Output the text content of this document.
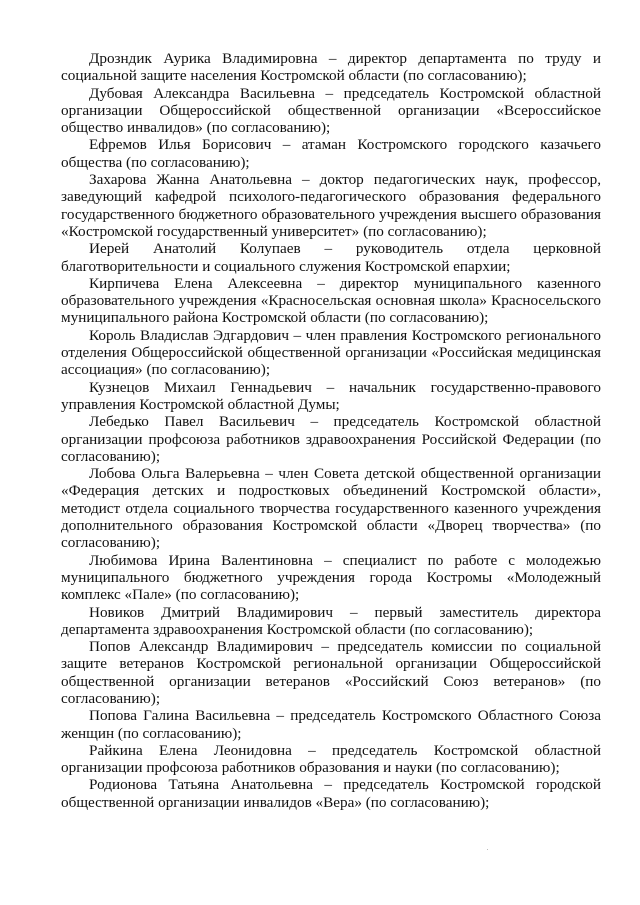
Дрозндик Аурика Владимировна – директор департамента по труду и социальной защите населения Костромской области (по согласованию);

Дубовая Александра Васильевна – председатель Костромской областной организации Общероссийской общественной организации «Всероссийское общество инвалидов» (по согласованию);

Ефремов Илья Борисович – атаман Костромского городского казачьего общества (по согласованию);

Захарова Жанна Анатольевна – доктор педагогических наук, профессор, заведующий кафедрой психолого-педагогического образования федерального государственного бюджетного образовательного учреждения высшего образования «Костромской государственный университет» (по согласованию);

Иерей Анатолий Колупаев – руководитель отдела церковной благотворительности и социального служения Костромской епархии;

Кирпичева Елена Алексеевна – директор муниципального казенного образовательного учреждения «Красносельская основная школа» Красносельского муниципального района Костромской области (по согласованию);

Король Владислав Эдгардович – член правления Костромского регионального отделения Общероссийской общественной организации «Российская медицинская ассоциация» (по согласованию);

Кузнецов Михаил Геннадьевич – начальник государственно-правового управления Костромской областной Думы;

Лебедько Павел Васильевич – председатель Костромской областной организации профсоюза работников здравоохранения Российской Федерации (по согласованию);

Лобова Ольга Валерьевна – член Совета детской общественной организации «Федерация детских и подростковых объединений Костромской области», методист отдела социального творчества государственного казенного учреждения дополнительного образования Костромской области «Дворец творчества» (по согласованию);

Любимова Ирина Валентиновна – специалист по работе с молодежью муниципального бюджетного учреждения города Костромы «Молодежный комплекс «Пале» (по согласованию);

Новиков Дмитрий Владимирович – первый заместитель директора департамента здравоохранения Костромской области (по согласованию);

Попов Александр Владимирович – председатель комиссии по социальной защите ветеранов Костромской региональной организации Общероссийской общественной организации ветеранов «Российский Союз ветеранов» (по согласованию);

Попова Галина Васильевна – председатель Костромского Областного Союза женщин (по согласованию);

Райкина Елена Леонидовна – председатель Костромской областной организации профсоюза работников образования и науки (по согласованию);

Родионова Татьяна Анатольевна – председатель Костромской городской общественной организации инвалидов «Вера» (по согласованию);
